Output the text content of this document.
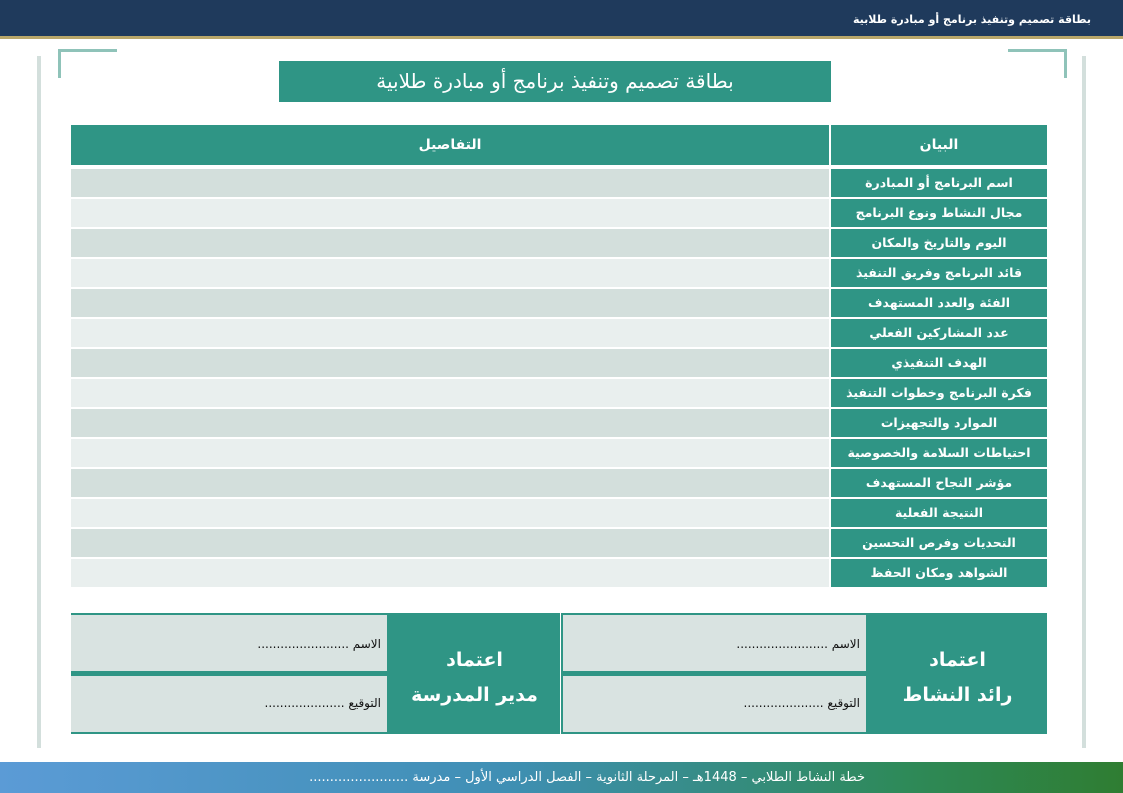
بطاقة تصميم وتنفيذ برنامج أو مبادرة طلابية
بطاقة تصميم وتنفيذ برنامج أو مبادرة طلابية
التفاصيل	البيان
اسم البرنامج أو المبادرة
مجال النشاط ونوع البرنامج
اليوم والتاريخ والمكان
قائد البرنامج وفريق التنفيذ
الفئة والعدد المستهدف
عدد المشاركين الفعلي
الهدف التنفيذي
فكرة البرنامج وخطوات التنفيذ
الموارد والتجهيزات
احتياطات السلامة والخصوصية
مؤشر النجاح المستهدف
النتيجة الفعلية
التحديات وفرص التحسين
الشواهد ومكان الحفظ
الاسم ........................
التوقيع .....................
اعتماد
رائد النشاط
الاسم ........................
التوقيع .....................
اعتماد
مدير المدرسة
خطة النشاط الطلابي – 1448هـ – المرحلة الثانوية – الفصل الدراسي الأول – مدرسة ........................
